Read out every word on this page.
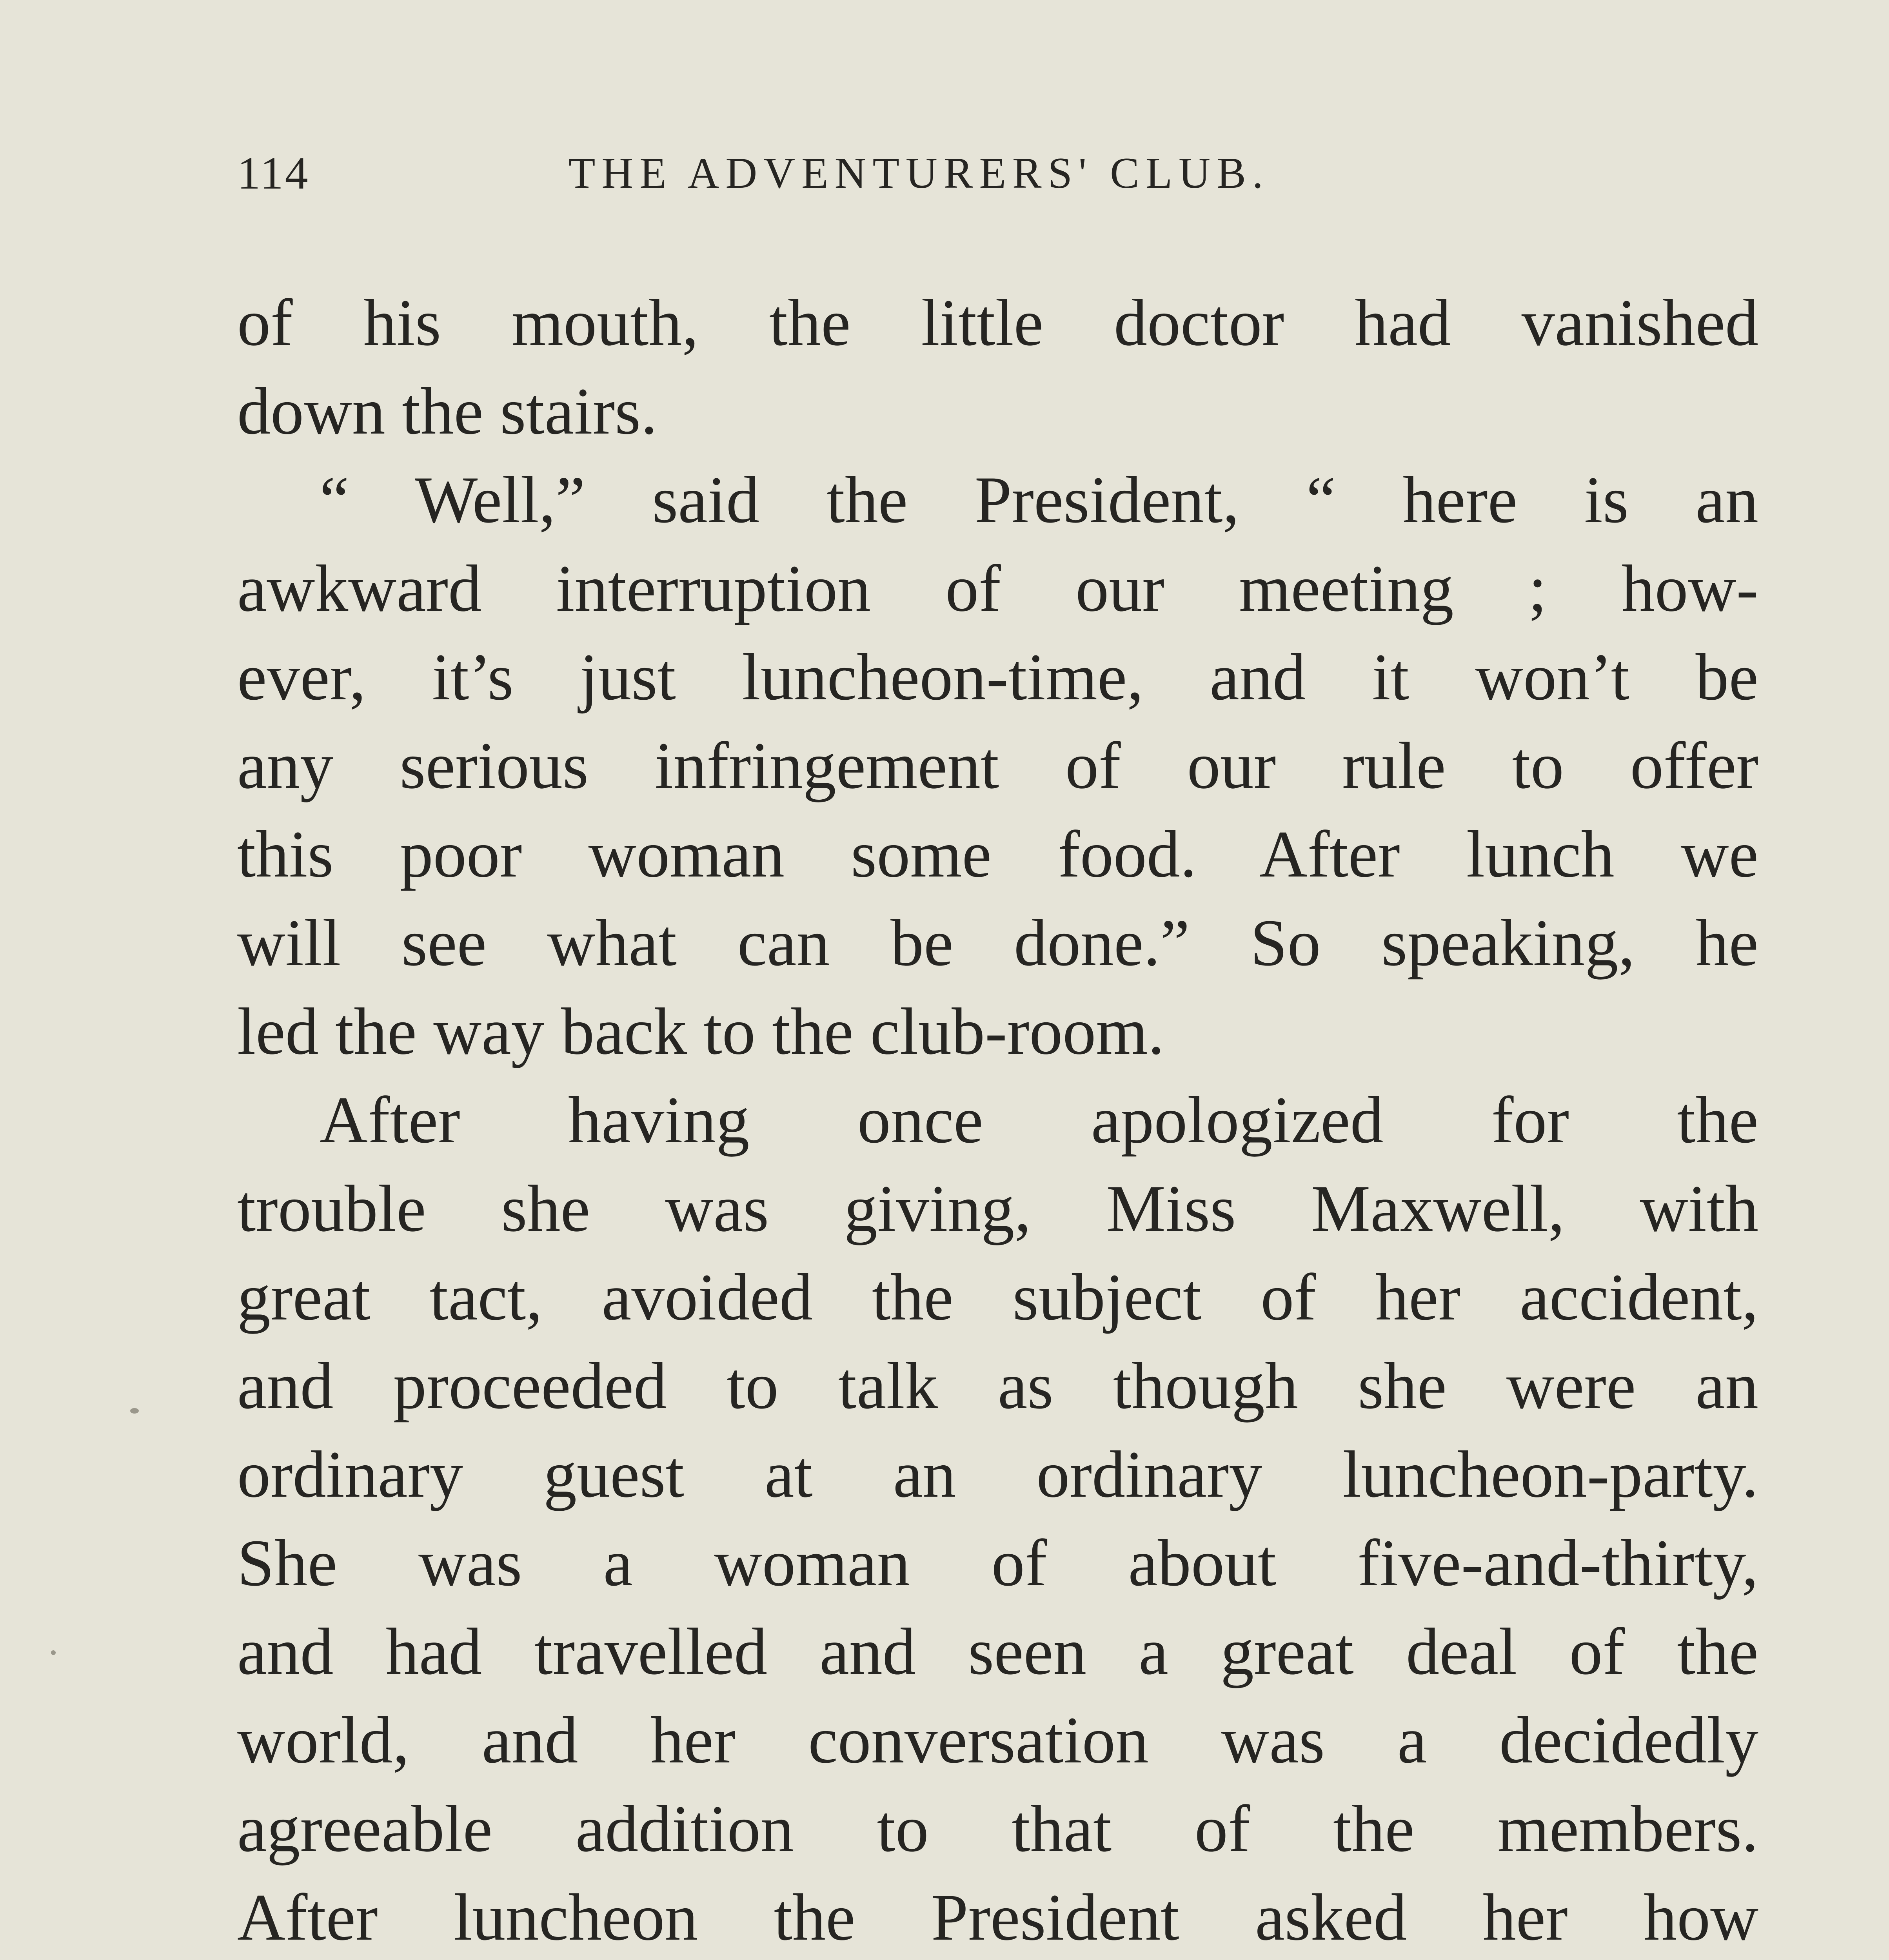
114	THE ADVENTURERS' CLUB.
of his mouth, the little doctor had vanished
down the stairs.
“ Well,” said the President, “ here is an
awkward interruption of our meeting ; how-
ever, it’s just luncheon-time, and it won’t be
any serious infringement of our rule to offer
this poor woman some food. After lunch we
will see what can be done.” So speaking, he
led the way back to the club-room.
After having once apologized for the
trouble she was giving, Miss Maxwell, with
great tact, avoided the subject of her accident,
and proceeded to talk as though she were an
ordinary guest at an ordinary luncheon-party.
She was a woman of about five-and-thirty,
and had travelled and seen a great deal of the
world, and her conversation was a decidedly
agreeable addition to that of the members.
After luncheon the President asked her how
